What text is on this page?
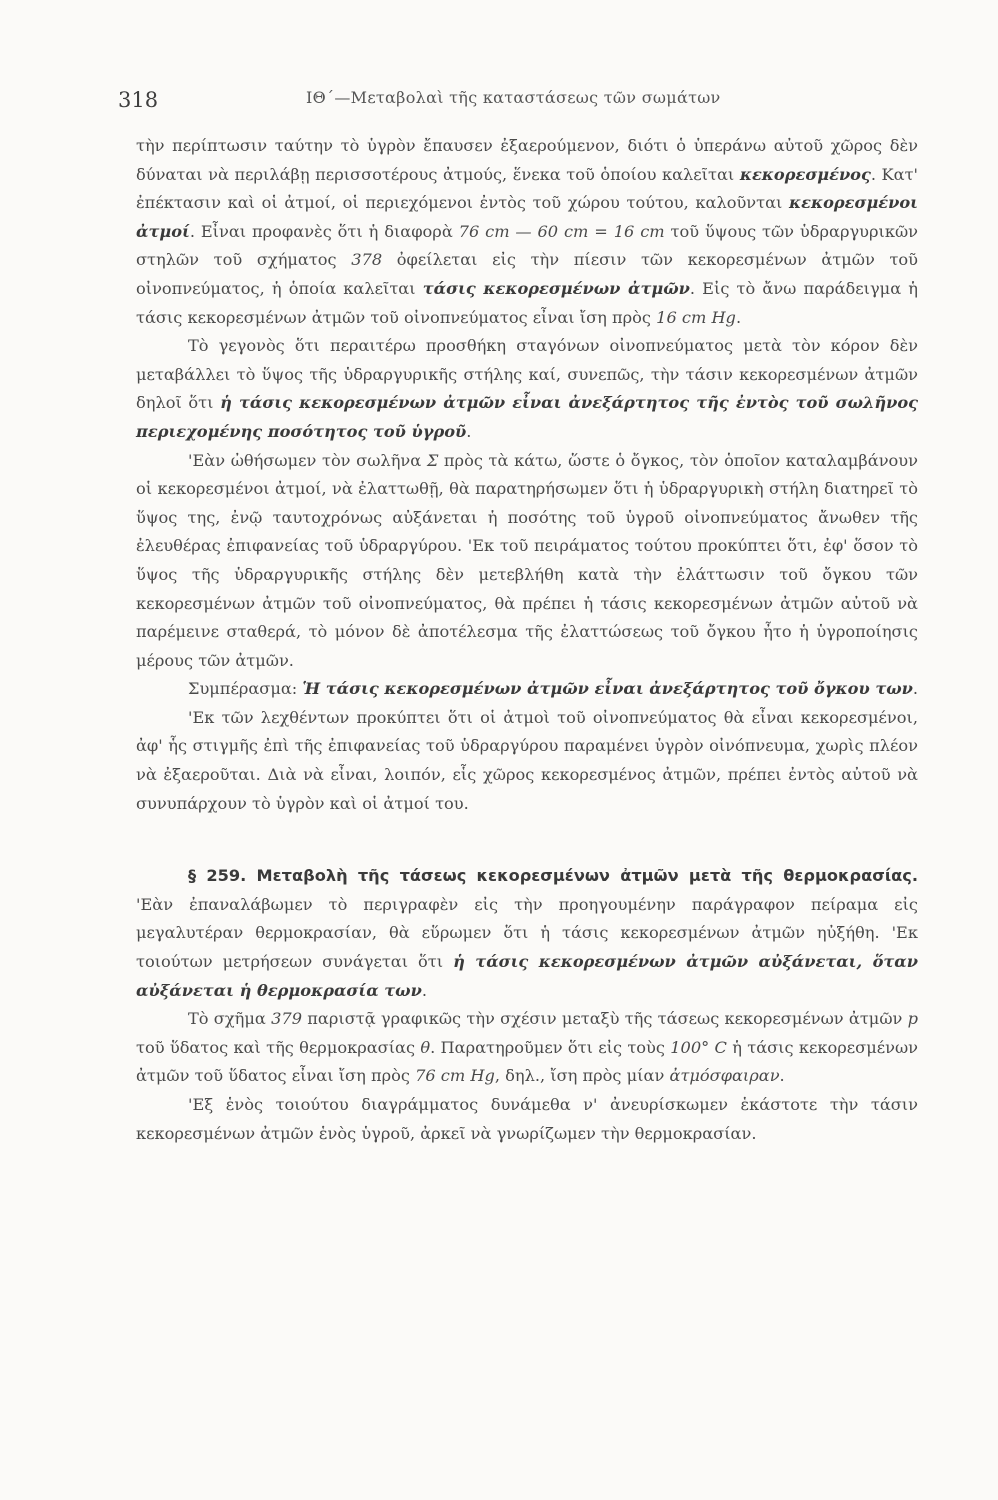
318	ΙΘ΄—Μεταβολαὶ τῆς καταστάσεως τῶν σωμάτων

τὴν περίπτωσιν ταύτην τὸ ὑγρὸν ἔπαυσεν ἐξαερούμενον, διότι ὁ ὑπεράνω αὐτοῦ χῶρος δὲν δύναται νὰ περιλάβῃ περισσοτέρους ἀτμούς, ἕνεκα τοῦ ὁποίου καλεῖται κεκορεσμένος. Κατ' ἐπέκτασιν καὶ οἱ ἀτμοί, οἱ περιεχόμενοι ἐντὸς τοῦ χώρου τούτου, καλοῦνται κεκορεσμένοι ἀτμοί. Εἶναι προφανὲς ὅτι ἡ διαφορὰ 76 cm — 60 cm = 16 cm τοῦ ὕψους τῶν ὑδραργυρικῶν στηλῶν τοῦ σχήματος 378 ὀφείλεται εἰς τὴν πίεσιν τῶν κεκορεσμένων ἀτμῶν τοῦ οἰνοπνεύματος, ἡ ὁποία καλεῖται τάσις κεκορεσμένων ἀτμῶν. Εἰς τὸ ἄνω παράδειγμα ἡ τάσις κεκορεσμένων ἀτμῶν τοῦ οἰνοπνεύματος εἶναι ἴση πρὸς 16 cm Hg.

Τὸ γεγονὸς ὅτι περαιτέρω προσθήκη σταγόνων οἰνοπνεύματος μετὰ τὸν κόρον δὲν μεταβάλλει τὸ ὕψος τῆς ὑδραργυρικῆς στήλης καί, συνεπῶς, τὴν τάσιν κεκορεσμένων ἀτμῶν δηλοῖ ὅτι ἡ τάσις κεκορεσμένων ἀτμῶν εἶναι ἀνεξάρτητος τῆς ἐντὸς τοῦ σωλῆνος περιεχομένης ποσότητος τοῦ ὑγροῦ.

'Εὰν ὠθήσωμεν τὸν σωλῆνα Σ πρὸς τὰ κάτω, ὥστε ὁ ὄγκος, τὸν ὁποῖον καταλαμβάνουν οἱ κεκορεσμένοι ἀτμοί, νὰ ἐλαττωθῇ, θὰ παρατηρήσωμεν ὅτι ἡ ὑδραργυρικὴ στήλη διατηρεῖ τὸ ὕψος της, ἐνῷ ταυτοχρόνως αὐξάνεται ἡ ποσότης τοῦ ὑγροῦ οἰνοπνεύματος ἄνωθεν τῆς ἐλευθέρας ἐπιφανείας τοῦ ὑδραργύρου. 'Εκ τοῦ πειράματος τούτου προκύπτει ὅτι, ἐφ' ὅσον τὸ ὕψος τῆς ὑδραργυρικῆς στήλης δὲν μετεβλήθη κατὰ τὴν ἐλάττωσιν τοῦ ὄγκου τῶν κεκορεσμένων ἀτμῶν τοῦ οἰνοπνεύματος, θὰ πρέπει ἡ τάσις κεκορεσμένων ἀτμῶν αὐτοῦ νὰ παρέμεινε σταθερά, τὸ μόνον δὲ ἀποτέλεσμα τῆς ἐλαττώσεως τοῦ ὄγκου ἦτο ἡ ὑγροποίησις μέρους τῶν ἀτμῶν.

Συμπέρασμα: Ἡ τάσις κεκορεσμένων ἀτμῶν εἶναι ἀνεξάρτητος τοῦ ὄγκου των.

'Εκ τῶν λεχθέντων προκύπτει ὅτι οἱ ἀτμοὶ τοῦ οἰνοπνεύματος θὰ εἶναι κεκορεσμένοι, ἀφ' ἧς στιγμῆς ἐπὶ τῆς ἐπιφανείας τοῦ ὑδραργύρου παραμένει ὑγρὸν οἰνόπνευμα, χωρὶς πλέον νὰ ἐξαεροῦται. Διὰ νὰ εἶναι, λοιπόν, εἷς χῶρος κεκορεσμένος ἀτμῶν, πρέπει ἐντὸς αὐτοῦ νὰ συνυπάρχουν τὸ ὑγρὸν καὶ οἱ ἀτμοί του.

§ 259. Μεταβολὴ τῆς τάσεως κεκορεσμένων ἀτμῶν μετὰ τῆς θερμοκρασίας. 'Εὰν ἐπαναλάβωμεν τὸ περιγραφὲν εἰς τὴν προηγουμένην παράγραφον πείραμα εἰς μεγαλυτέραν θερμοκρασίαν, θὰ εὕρωμεν ὅτι ἡ τάσις κεκορεσμένων ἀτμῶν ηὐξήθη. 'Εκ τοιούτων μετρήσεων συνάγεται ὅτι ἡ τάσις κεκορεσμένων ἀτμῶν αὐξάνεται, ὅταν αὐξάνεται ἡ θερμοκρασία των.

Τὸ σχῆμα 379 παριστᾷ γραφικῶς τὴν σχέσιν μεταξὺ τῆς τάσεως κεκορεσμένων ἀτμῶν p τοῦ ὕδατος καὶ τῆς θερμοκρασίας θ. Παρατηροῦμεν ὅτι εἰς τοὺς 100° C ἡ τάσις κεκορεσμένων ἀτμῶν τοῦ ὕδατος εἶναι ἴση πρὸς 76 cm Hg, δηλ., ἴση πρὸς μίαν ἀτμόσφαιραν.

'Εξ ἑνὸς τοιούτου διαγράμματος δυνάμεθα ν' ἀνευρίσκωμεν ἑκάστοτε τὴν τάσιν κεκορεσμένων ἀτμῶν ἑνὸς ὑγροῦ, ἀρκεῖ νὰ γνωρίζωμεν τὴν θερμοκρασίαν.
